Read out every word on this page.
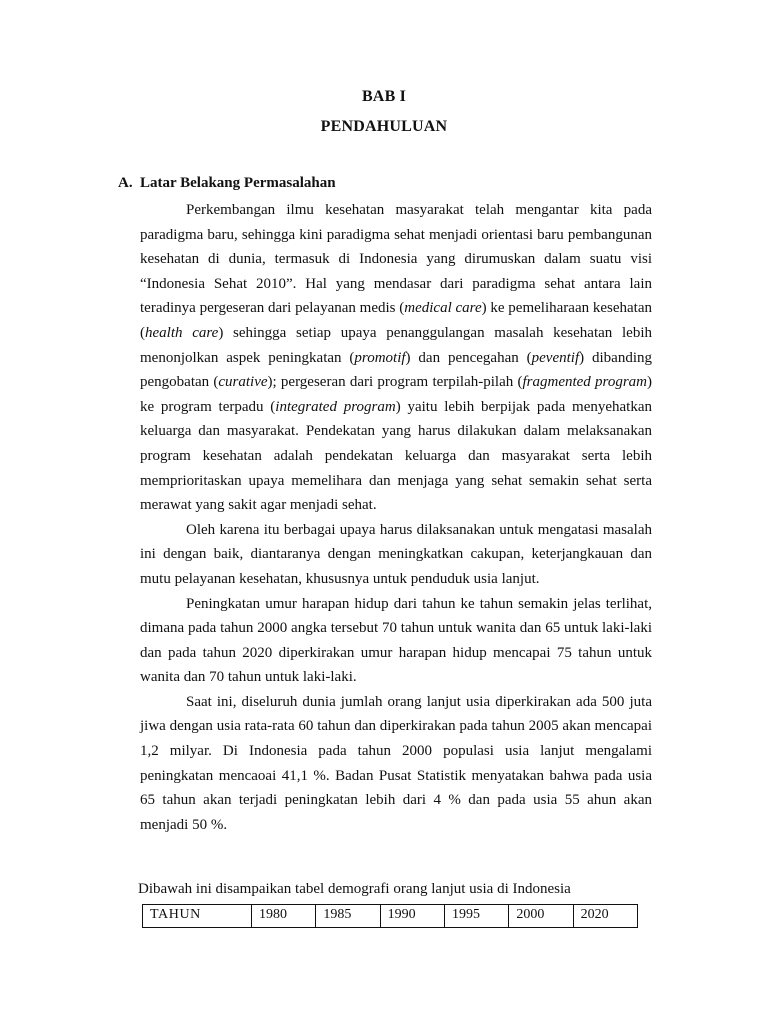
BAB I
PENDAHULUAN
A. Latar Belakang Permasalahan

Perkembangan ilmu kesehatan masyarakat telah mengantar kita pada paradigma baru, sehingga kini paradigma sehat menjadi orientasi baru pembangunan kesehatan di dunia, termasuk di Indonesia yang dirumuskan dalam suatu visi “Indonesia Sehat 2010”. Hal yang mendasar dari paradigma sehat antara lain teradinya pergeseran dari pelayanan medis (medical care) ke pemeliharaan kesehatan (health care) sehingga setiap upaya penanggulangan masalah kesehatan lebih menonjolkan aspek peningkatan (promotif) dan pencegahan (peventif) dibanding pengobatan (curative); pergeseran dari program terpilah-pilah (fragmented program) ke program terpadu (integrated program) yaitu lebih berpijak pada menyehatkan keluarga dan masyarakat. Pendekatan yang harus dilakukan dalam melaksanakan program kesehatan adalah pendekatan keluarga dan masyarakat serta lebih memprioritaskan upaya memelihara dan menjaga yang sehat semakin sehat serta merawat yang sakit agar menjadi sehat.

Oleh karena itu berbagai upaya harus dilaksanakan untuk mengatasi masalah ini dengan baik, diantaranya dengan meningkatkan cakupan, keterjangkauan dan mutu pelayanan kesehatan, khususnya untuk penduduk usia lanjut.

Peningkatan umur harapan hidup dari tahun ke tahun semakin jelas terlihat, dimana pada tahun 2000 angka tersebut 70 tahun untuk wanita dan 65 untuk laki-laki dan pada tahun 2020 diperkirakan umur harapan hidup mencapai 75 tahun untuk wanita dan 70 tahun untuk laki-laki.

Saat ini, diseluruh dunia jumlah orang lanjut usia diperkirakan ada 500 juta jiwa dengan usia rata-rata 60 tahun dan diperkirakan pada tahun 2005 akan mencapai 1,2 milyar. Di Indonesia pada tahun 2000 populasi usia lanjut mengalami peningkatan mencaoai 41,1 %. Badan Pusat Statistik menyatakan bahwa pada usia 65 tahun akan terjadi peningkatan lebih dari 4 % dan pada usia 55 ahun akan menjadi 50 %.

Dibawah ini disampaikan tabel demografi orang lanjut usia di Indonesia

TAHUN	1980	1985	1990	1995	2000	2020
